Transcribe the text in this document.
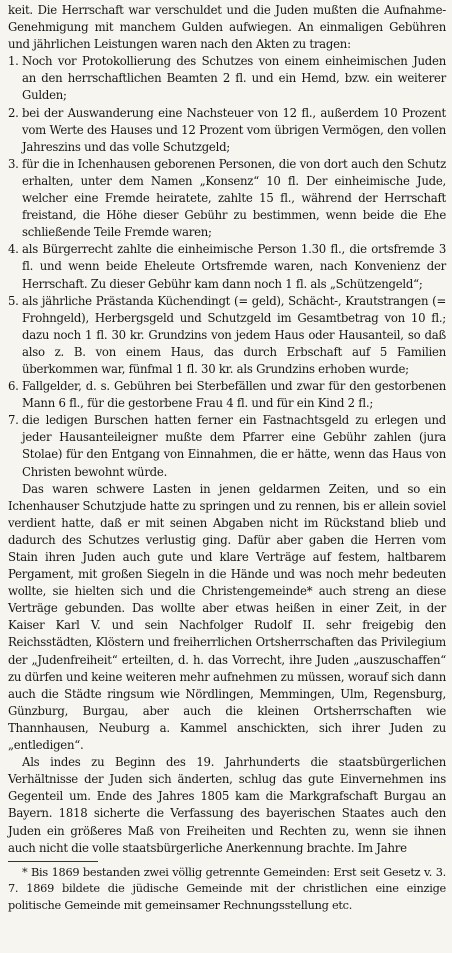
keit. Die Herrschaft war verschuldet und die Juden mußten die Aufnahme-Genehmigung mit manchem Gulden aufwiegen. An einmaligen Gebühren und jährlichen Leistungen waren nach den Akten zu tragen:

1. Noch vor Protokollierung des Schutzes von einem einheimischen Juden an den herrschaftlichen Beamten 2 fl. und ein Hemd, bzw. ein weiterer Gulden;
2. bei der Auswanderung eine Nachsteuer von 12 fl., außerdem 10 Prozent vom Werte des Hauses und 12 Prozent vom übrigen Vermögen, den vollen Jahreszins und das volle Schutzgeld;
3. für die in Ichenhausen geborenen Personen, die von dort auch den Schutz erhalten, unter dem Namen „Konsenz“ 10 fl. Der einheimische Jude, welcher eine Fremde heiratete, zahlte 15 fl., während der Herrschaft freistand, die Höhe dieser Gebühr zu bestimmen, wenn beide die Ehe schließende Teile Fremde waren;
4. als Bürgerrecht zahlte die einheimische Person 1.30 fl., die ortsfremde 3 fl. und wenn beide Eheleute Ortsfremde waren, nach Konvenienz der Herrschaft. Zu dieser Gebühr kam dann noch 1 fl. als „Schützengeld“;
5. als jährliche Prästanda Küchendingt (= geld), Schächt-, Krautstrangen (= Frohngeld), Herbergsgeld und Schutzgeld im Gesamtbetrag von 10 fl.; dazu noch 1 fl. 30 kr. Grundzins von jedem Haus oder Hausanteil, so daß also z. B. von einem Haus, das durch Erbschaft auf 5 Familien überkommen war, fünfmal 1 fl. 30 kr. als Grundzins erhoben wurde;
6. Fallgelder, d. s. Gebühren bei Sterbefällen und zwar für den gestorbenen Mann 6 fl., für die gestorbene Frau 4 fl. und für ein Kind 2 fl.;
7. die ledigen Burschen hatten ferner ein Fastnachtsgeld zu erlegen und jeder Hausanteileigner mußte dem Pfarrer eine Gebühr zahlen (jura Stolae) für den Entgang von Einnahmen, die er hätte, wenn das Haus von Christen bewohnt würde.

Das waren schwere Lasten in jenen geldarmen Zeiten, und so ein Ichenhauser Schutzjude hatte zu springen und zu rennen, bis er allein soviel verdient hatte, daß er mit seinen Abgaben nicht im Rückstand blieb und dadurch des Schutzes verlustig ging. Dafür aber gaben die Herren vom Stain ihren Juden auch gute und klare Verträge auf festem, haltbarem Pergament, mit großen Siegeln in die Hände und was noch mehr bedeuten wollte, sie hielten sich und die Christengemeinde* auch streng an diese Verträge gebunden. Das wollte aber etwas heißen in einer Zeit, in der Kaiser Karl V. und sein Nachfolger Rudolf II. sehr freigebig den Reichsstädten, Klöstern und freiherrlichen Ortsherrschaften das Privilegium der „Judenfreiheit“ erteilten, d. h. das Vorrecht, ihre Juden „auszuschaffen“ zu dürfen und keine weiteren mehr aufnehmen zu müssen, worauf sich dann auch die Städte ringsum wie Nördlingen, Memmingen, Ulm, Regensburg, Günzburg, Burgau, aber auch die kleinen Ortsherrschaften wie Thannhausen, Neuburg a. Kammel anschickten, sich ihrer Juden zu „entledigen“.

Als indes zu Beginn des 19. Jahrhunderts die staatsbürgerlichen Verhältnisse der Juden sich änderten, schlug das gute Einvernehmen ins Gegenteil um. Ende des Jahres 1805 kam die Markgrafschaft Burgau an Bayern. 1818 sicherte die Verfassung des bayerischen Staates auch den Juden ein größeres Maß von Freiheiten und Rechten zu, wenn sie ihnen auch nicht die volle staatsbürgerliche Anerkennung brachte. Im Jahre

* Bis 1869 bestanden zwei völlig getrennte Gemeinden: Erst seit Gesetz v. 3. 7. 1869 bildete die jüdische Gemeinde mit der christlichen eine einzige politische Gemeinde mit gemeinsamer Rechnungsstellung etc.
